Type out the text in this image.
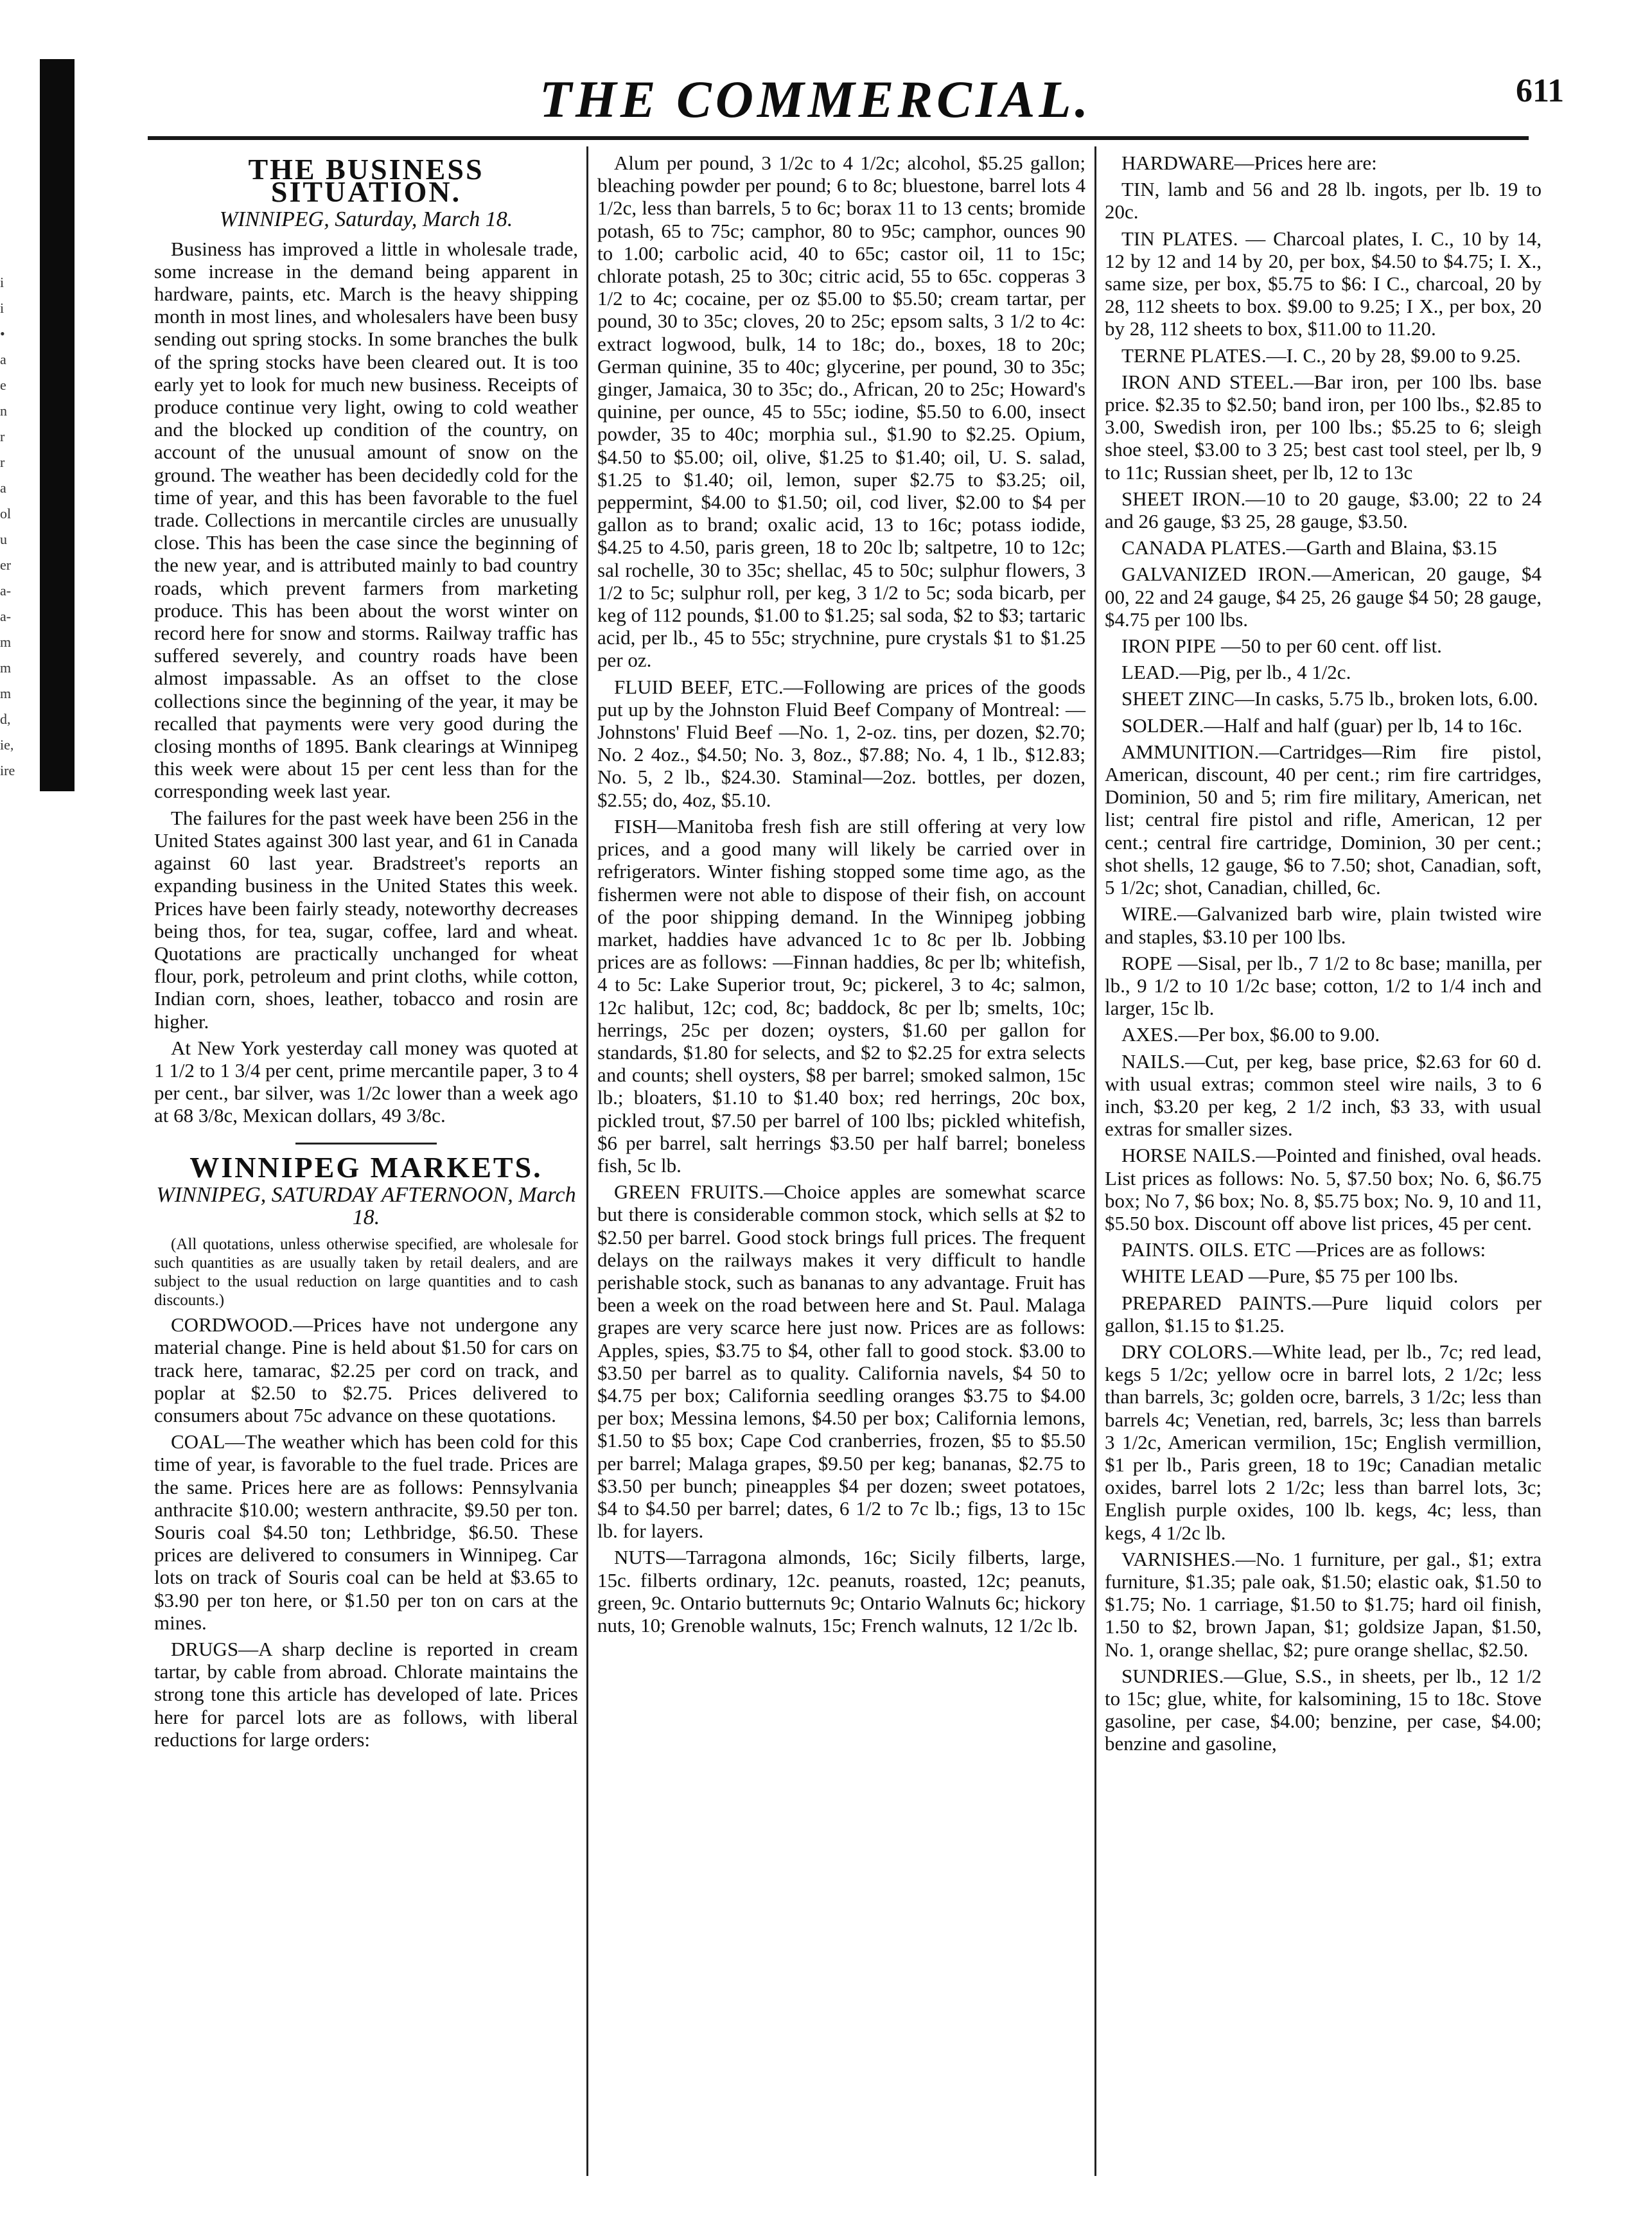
i
i
•
a
e
n
r
r
a
ol
u
er
a-
a-
m
m
m
d,
ie,
ire
THE COMMERCIAL.	611
THE BUSINESS SITUATION.
WINNIPEG, Saturday, March 18.

Business has improved a little in wholesale trade, some increase in the demand being apparent in hardware, paints, etc. March is the heavy shipping month in most lines, and wholesalers have been busy sending out spring stocks. In some branches the bulk of the spring stocks have been cleared out. It is too early yet to look for much new business. Receipts of produce continue very light, owing to cold weather and the blocked up condition of the country, on account of the unusual amount of snow on the ground. The weather has been decidedly cold for the time of year, and this has been favorable to the fuel trade. Collections in mercantile circles are unusually close. This has been the case since the beginning of the new year, and is attributed mainly to bad country roads, which prevent farmers from marketing produce. This has been about the worst winter on record here for snow and storms. Railway traffic has suffered severely, and country roads have been almost impassable. As an offset to the close collections since the beginning of the year, it may be recalled that payments were very good during the closing months of 1895. Bank clearings at Winnipeg this week were about 15 per cent less than for the corresponding week last year.

The failures for the past week have been 256 in the United States against 300 last year, and 61 in Canada against 60 last year. Bradstreet's reports an expanding business in the United States this week. Prices have been fairly steady, noteworthy decreases being thos, for tea, sugar, coffee, lard and wheat. Quotations are practically unchanged for wheat flour, pork, petroleum and print cloths, while cotton, Indian corn, shoes, leather, tobacco and rosin are higher.

At New York yesterday call money was quoted at 1 1/2 to 1 3/4 per cent, prime mercantile paper, 3 to 4 per cent., bar silver, was 1/2c lower than a week ago at 68 3/8c, Mexican dollars, 49 3/8c.

WINNIPEG MARKETS.
WINNIPEG, SATURDAY AFTERNOON, March 18.

(All quotations, unless otherwise specified, are wholesale for such quantities as are usually taken by retail dealers, and are subject to the usual reduction on large quantities and to cash discounts.)

CORDWOOD.—Prices have not undergone any material change. Pine is held about $1.50 for cars on track here, tamarac, $2.25 per cord on track, and poplar at $2.50 to $2.75. Prices delivered to consumers about 75c advance on these quotations.

COAL—The weather which has been cold for this time of year, is favorable to the fuel trade. Prices are the same. Prices here are as follows: Pennsylvania anthracite $10.00; western anthracite, $9.50 per ton. Souris coal $4.50 ton; Lethbridge, $6.50. These prices are delivered to consumers in Winnipeg. Car lots on track of Souris coal can be held at $3.65 to $3.90 per ton here, or $1.50 per ton on cars at the mines.

DRUGS—A sharp decline is reported in cream tartar, by cable from abroad. Chlorate maintains the strong tone this article has developed of late. Prices here for parcel lots are as follows, with liberal reductions for large orders:

Alum per pound, 3 1/2c to 4 1/2c; alcohol, $5.25 gallon; bleaching powder per pound; 6 to 8c; bluestone, barrel lots 4 1/2c, less than barrels, 5 to 6c; borax 11 to 13 cents; bromide potash, 65 to 75c; camphor, 80 to 95c; camphor, ounces 90 to 1.00; carbolic acid, 40 to 65c; castor oil, 11 to 15c; chlorate potash, 25 to 30c; citric acid, 55 to 65c. copperas 3 1/2 to 4c; cocaine, per oz $5.00 to $5.50; cream tartar, per pound, 30 to 35c; cloves, 20 to 25c; epsom salts, 3 1/2 to 4c: extract logwood, bulk, 14 to 18c; do., boxes, 18 to 20c; German quinine, 35 to 40c; glycerine, per pound, 30 to 35c; ginger, Jamaica, 30 to 35c; do., African, 20 to 25c; Howard's quinine, per ounce, 45 to 55c; iodine, $5.50 to 6.00, insect powder, 35 to 40c; morphia sul., $1.90 to $2.25. Opium, $4.50 to $5.00; oil, olive, $1.25 to $1.40; oil, U. S. salad, $1.25 to $1.40; oil, lemon, super $2.75 to $3.25; oil, peppermint, $4.00 to $1.50; oil, cod liver, $2.00 to $4 per gallon as to brand; oxalic acid, 13 to 16c; potass iodide, $4.25 to 4.50, paris green, 18 to 20c lb; saltpetre, 10 to 12c; sal rochelle, 30 to 35c; shellac, 45 to 50c; sulphur flowers, 3 1/2 to 5c; sulphur roll, per keg, 3 1/2 to 5c; soda bicarb, per keg of 112 pounds, $1.00 to $1.25; sal soda, $2 to $3; tartaric acid, per lb., 45 to 55c; strychnine, pure crystals $1 to $1.25 per oz.

FLUID BEEF, ETC.—Following are prices of the goods put up by the Johnston Fluid Beef Company of Montreal: —Johnstons' Fluid Beef —No. 1, 2-oz. tins, per dozen, $2.70; No. 2 4oz., $4.50; No. 3, 8oz., $7.88; No. 4, 1 lb., $12.83; No. 5, 2 lb., $24.30. Staminal—2oz. bottles, per dozen, $2.55; do, 4oz, $5.10.

FISH—Manitoba fresh fish are still offering at very low prices, and a good many will likely be carried over in refrigerators. Winter fishing stopped some time ago, as the fishermen were not able to dispose of their fish, on account of the poor shipping demand. In the Winnipeg jobbing market, haddies have advanced 1c to 8c per lb. Jobbing prices are as follows: —Finnan haddies, 8c per lb; whitefish, 4 to 5c: Lake Superior trout, 9c; pickerel, 3 to 4c; salmon, 12c halibut, 12c; cod, 8c; baddock, 8c per lb; smelts, 10c; herrings, 25c per dozen; oysters, $1.60 per gallon for standards, $1.80 for selects, and $2 to $2.25 for extra selects and counts; shell oysters, $8 per barrel; smoked salmon, 15c lb.; bloaters, $1.10 to $1.40 box; red herrings, 20c box, pickled trout, $7.50 per barrel of 100 lbs; pickled whitefish, $6 per barrel, salt herrings $3.50 per half barrel; boneless fish, 5c lb.

GREEN FRUITS.—Choice apples are somewhat scarce but there is considerable common stock, which sells at $2 to $2.50 per barrel. Good stock brings full prices. The frequent delays on the railways makes it very difficult to handle perishable stock, such as bananas to any advantage. Fruit has been a week on the road between here and St. Paul. Malaga grapes are very scarce here just now. Prices are as follows: Apples, spies, $3.75 to $4, other fall to good stock. $3.00 to $3.50 per barrel as to quality. California navels, $4 50 to $4.75 per box; California seedling oranges $3.75 to $4.00 per box; Messina lemons, $4.50 per box; California lemons, $1.50 to $5 box; Cape Cod cranberries, frozen, $5 to $5.50 per barrel; Malaga grapes, $9.50 per keg; bananas, $2.75 to $3.50 per bunch; pineapples $4 per dozen; sweet potatoes, $4 to $4.50 per barrel; dates, 6 1/2 to 7c lb.; figs, 13 to 15c lb. for layers.

NUTS—Tarragona almonds, 16c; Sicily filberts, large, 15c. filberts ordinary, 12c. peanuts, roasted, 12c; peanuts, green, 9c. Ontario butternuts 9c; Ontario Walnuts 6c; hickory nuts, 10; Grenoble walnuts, 15c; French walnuts, 12 1/2c lb.

HARDWARE—Prices here are:

TIN, lamb and 56 and 28 lb. ingots, per lb. 19 to 20c.

TIN PLATES. — Charcoal plates, I. C., 10 by 14, 12 by 12 and 14 by 20, per box, $4.50 to $4.75; I. X., same size, per box, $5.75 to $6: I C., charcoal, 20 by 28, 112 sheets to box. $9.00 to 9.25; I X., per box, 20 by 28, 112 sheets to box, $11.00 to 11.20.

TERNE PLATES.—I. C., 20 by 28, $9.00 to 9.25.

IRON AND STEEL.—Bar iron, per 100 lbs. base price. $2.35 to $2.50; band iron, per 100 lbs., $2.85 to 3.00, Swedish iron, per 100 lbs.; $5.25 to 6; sleigh shoe steel, $3.00 to 3 25; best cast tool steel, per lb, 9 to 11c; Russian sheet, per lb, 12 to 13c

SHEET IRON.—10 to 20 gauge, $3.00; 22 to 24 and 26 gauge, $3 25, 28 gauge, $3.50.

CANADA PLATES.—Garth and Blaina, $3.15

GALVANIZED IRON.—American, 20 gauge, $4 00, 22 and 24 gauge, $4 25, 26 gauge $4 50; 28 gauge, $4.75 per 100 lbs.

IRON PIPE —50 to per 60 cent. off list.

LEAD.—Pig, per lb., 4 1/2c.

SHEET ZINC—In casks, 5.75 lb., broken lots, 6.00.

SOLDER.—Half and half (guar) per lb, 14 to 16c.

AMMUNITION.—Cartridges—Rim fire pistol, American, discount, 40 per cent.; rim fire cartridges, Dominion, 50 and 5; rim fire military, American, net list; central fire pistol and rifle, American, 12 per cent.; central fire cartridge, Dominion, 30 per cent.; shot shells, 12 gauge, $6 to 7.50; shot, Canadian, soft, 5 1/2c; shot, Canadian, chilled, 6c.

WIRE.—Galvanized barb wire, plain twisted wire and staples, $3.10 per 100 lbs.

ROPE —Sisal, per lb., 7 1/2 to 8c base; manilla, per lb., 9 1/2 to 10 1/2c base; cotton, 1/2 to 1/4 inch and larger, 15c lb.

AXES.—Per box, $6.00 to 9.00.

NAILS.—Cut, per keg, base price, $2.63 for 60 d. with usual extras; common steel wire nails, 3 to 6 inch, $3.20 per keg, 2 1/2 inch, $3 33, with usual extras for smaller sizes.

HORSE NAILS.—Pointed and finished, oval heads. List prices as follows: No. 5, $7.50 box; No. 6, $6.75 box; No 7, $6 box; No. 8, $5.75 box; No. 9, 10 and 11, $5.50 box. Discount off above list prices, 45 per cent.

PAINTS. OILS. ETC —Prices are as follows:

WHITE LEAD —Pure, $5 75 per 100 lbs.

PREPARED PAINTS.—Pure liquid colors per gallon, $1.15 to $1.25.

DRY COLORS.—White lead, per lb., 7c; red lead, kegs 5 1/2c; yellow ocre in barrel lots, 2 1/2c; less than barrels, 3c; golden ocre, barrels, 3 1/2c; less than barrels 4c; Venetian, red, barrels, 3c; less than barrels 3 1/2c, American vermilion, 15c; English vermillion, $1 per lb., Paris green, 18 to 19c; Canadian metalic oxides, barrel lots 2 1/2c; less than barrel lots, 3c; English purple oxides, 100 lb. kegs, 4c; less, than kegs, 4 1/2c lb.

VARNISHES.—No. 1 furniture, per gal., $1; extra furniture, $1.35; pale oak, $1.50; elastic oak, $1.50 to $1.75; No. 1 carriage, $1.50 to $1.75; hard oil finish, 1.50 to $2, brown Japan, $1; goldsize Japan, $1.50, No. 1, orange shellac, $2; pure orange shellac, $2.50.

SUNDRIES.—Glue, S.S., in sheets, per lb., 12 1/2 to 15c; glue, white, for kalsomining, 15 to 18c. Stove gasoline, per case, $4.00; benzine, per case, $4.00; benzine and gasoline,
